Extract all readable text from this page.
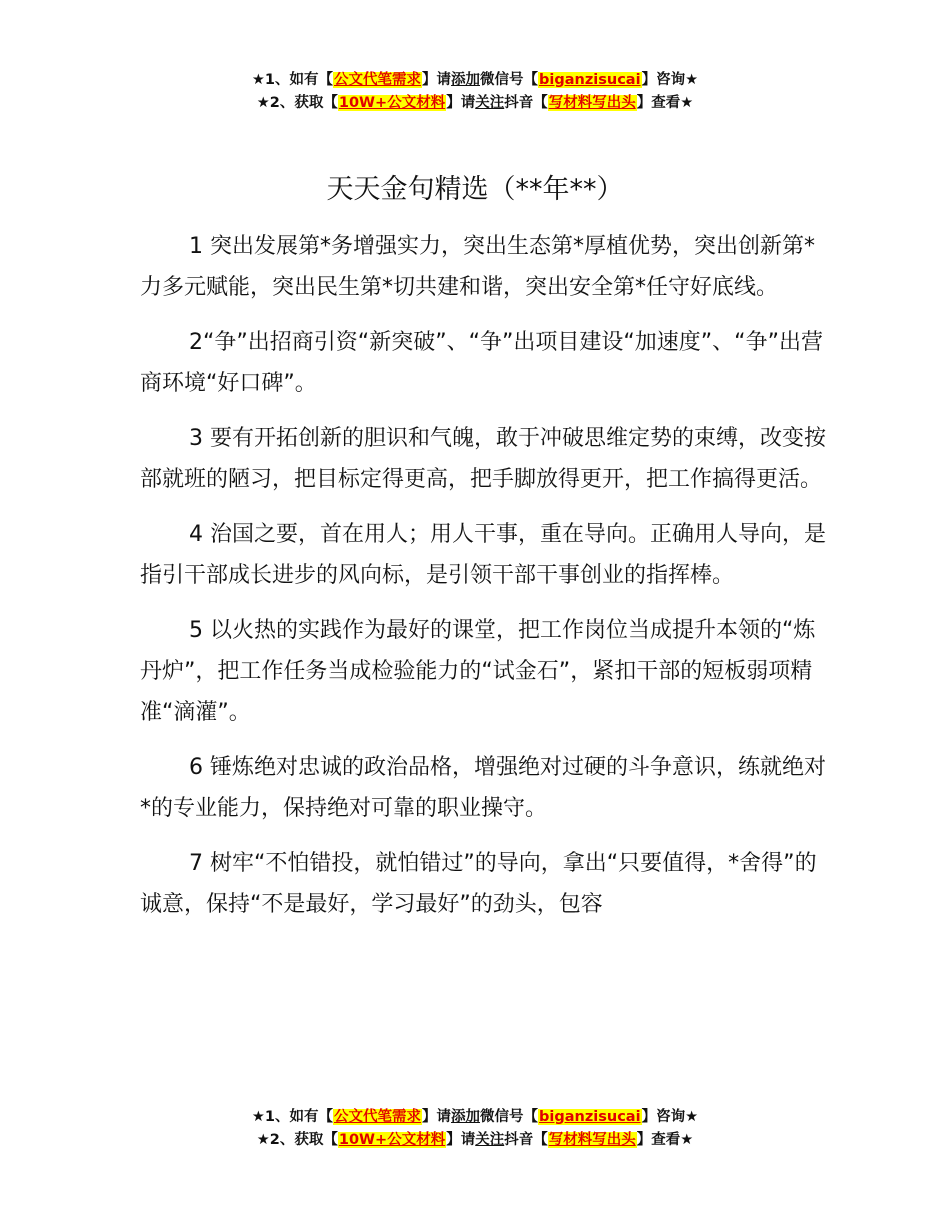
★1、如有【公文代笔需求】请添加微信号【biganzisucai】咨询★
★2、获取【10W+公文材料】请关注抖音【写材料写出头】查看★
天天金句精选（**年**）

1 突出发展第*务增强实力，突出生态第*厚植优势，突出创新第*力多元赋能，突出民生第*切共建和谐，突出安全第*任守好底线。

2“争”出招商引资“新突破”、“争”出项目建设“加速度”、“争”出营商环境“好口碑”。

3 要有开拓创新的胆识和气魄，敢于冲破思维定势的束缚，改变按部就班的陋习，把目标定得更高，把手脚放得更开，把工作搞得更活。

4 治国之要，首在用人；用人干事，重在导向。正确用人导向，是指引干部成长进步的风向标，是引领干部干事创业的指挥棒。

5 以火热的实践作为最好的课堂，把工作岗位当成提升本领的“炼丹炉”，把工作任务当成检验能力的“试金石”，紧扣干部的短板弱项精准“滴灌”。

6 锤炼绝对忠诚的政治品格，增强绝对过硬的斗争意识，练就绝对*的专业能力，保持绝对可靠的职业操守。

7 树牢“不怕错投，就怕错过”的导向，拿出“只要值得，*舍得”的诚意，保持“不是最好，学习最好”的劲头，包容

★1、如有【公文代笔需求】请添加微信号【biganzisucai】咨询★
★2、获取【10W+公文材料】请关注抖音【写材料写出头】查看★
